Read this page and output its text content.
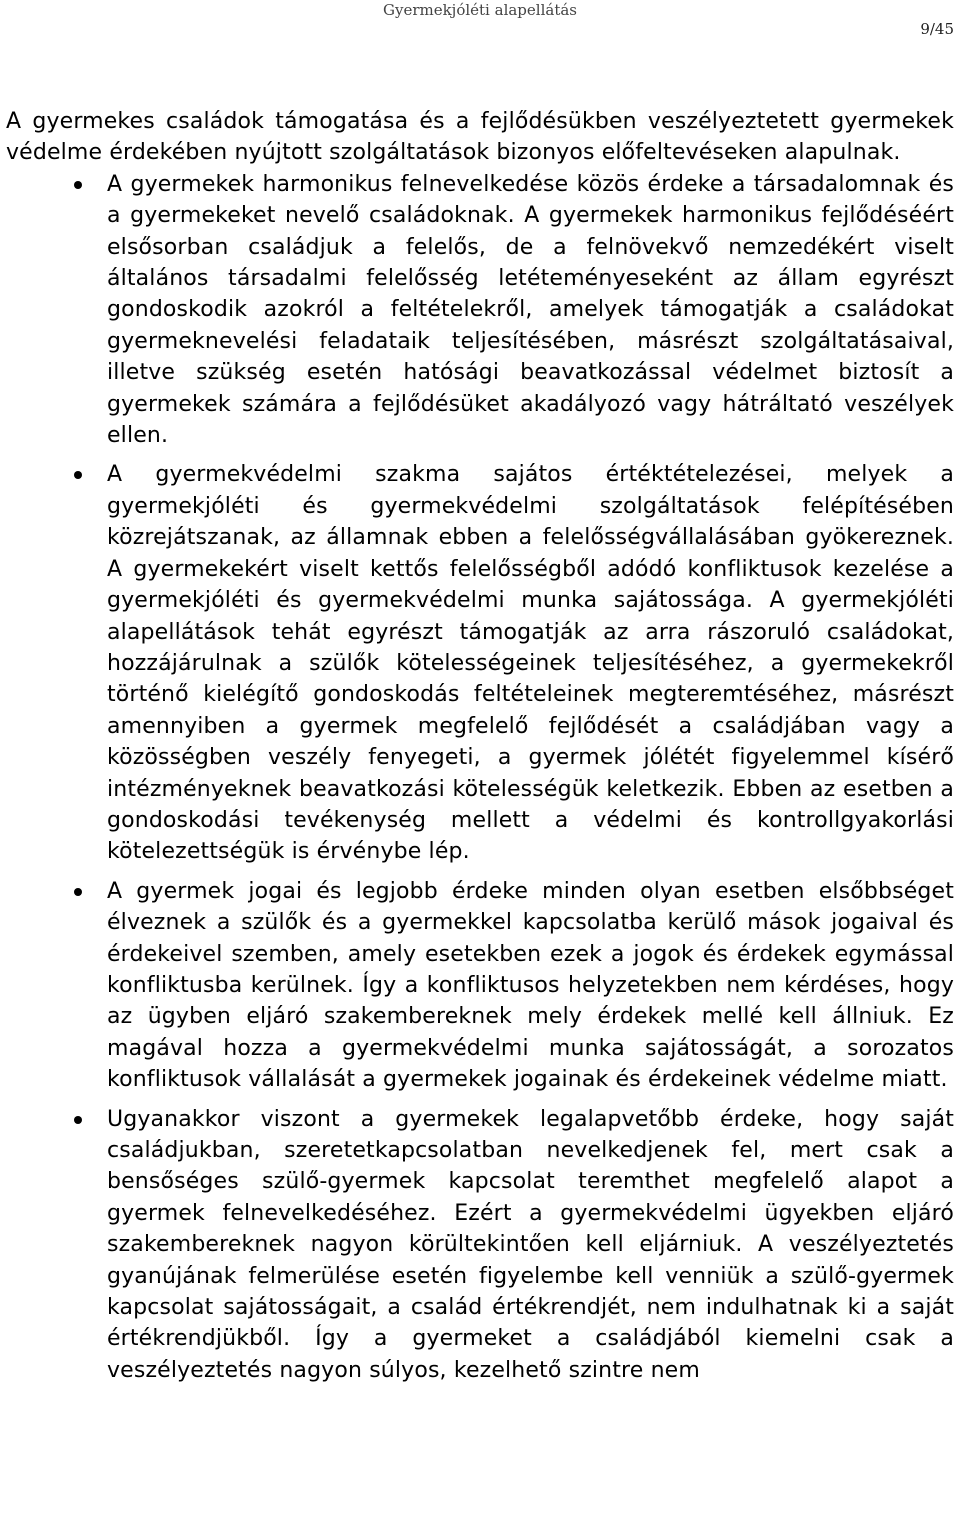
Gyermekjóléti alapellátás
9/45

A gyermekes családok támogatása és a fejlődésükben veszélyeztetett gyermekek védelme érdekében nyújtott szolgáltatások bizonyos előfeltevéseken alapulnak.

A gyermekek harmonikus felnevelkedése közös érdeke a társadalomnak és a gyermekeket nevelő családoknak. A gyermekek harmonikus fejlődéséért elsősorban családjuk a felelős, de a felnövekvő nemzedékért viselt általános társadalmi felelősség letéteményeseként az állam egyrészt gondoskodik azokról a feltételekről, amelyek támogatják a családokat gyermeknevelési feladataik teljesítésében, másrészt szolgáltatásaival, illetve szükség esetén hatósági beavatkozással védelmet biztosít a gyermekek számára a fejlődésüket akadályozó vagy hátráltató veszélyek ellen.
A gyermekvédelmi szakma sajátos értéktételezései, melyek a gyermekjóléti és gyermekvédelmi szolgáltatások felépítésében közrejátszanak, az államnak ebben a felelősségvállalásában gyökereznek. A gyermekekért viselt kettős felelősségből adódó konfliktusok kezelése a gyermekjóléti és gyermekvédelmi munka sajátossága. A gyermekjóléti alapellátások tehát egyrészt támogatják az arra rászoruló családokat, hozzájárulnak a szülők kötelességeinek teljesítéséhez, a gyermekekről történő kielégítő gondoskodás feltételeinek megteremtéséhez, másrészt amennyiben a gyermek megfelelő fejlődését a családjában vagy a közösségben veszély fenyegeti, a gyermek jólétét figyelemmel kísérő intézményeknek beavatkozási kötelességük keletkezik. Ebben az esetben a gondoskodási tevékenység mellett a védelmi és kontrollgyakorlási kötelezettségük is érvénybe lép.
A gyermek jogai és legjobb érdeke minden olyan esetben elsőbbséget élveznek a szülők és a gyermekkel kapcsolatba kerülő mások jogaival és érdekeivel szemben, amely esetekben ezek a jogok és érdekek egymással konfliktusba kerülnek. Így a konfliktusos helyzetekben nem kérdéses, hogy az ügyben eljáró szakembereknek mely érdekek mellé kell állniuk. Ez magával hozza a gyermekvédelmi munka sajátosságát, a sorozatos konfliktusok vállalását a gyermekek jogainak és érdekeinek védelme miatt.
Ugyanakkor viszont a gyermekek legalapvetőbb érdeke, hogy saját családjukban, szeretetkapcsolatban nevelkedjenek fel, mert csak a bensőséges szülő-gyermek kapcsolat teremthet megfelelő alapot a gyermek felnevelkedéséhez. Ezért a gyermekvédelmi ügyekben eljáró szakembereknek nagyon körültekintően kell eljárniuk. A veszélyeztetés gyanújának felmerülése esetén figyelembe kell venniük a szülő-gyermek kapcsolat sajátosságait, a család értékrendjét, nem indulhatnak ki a saját értékrendjükből. Így a gyermeket a családjából kiemelni csak a veszélyeztetés nagyon súlyos, kezelhető szintre nem
